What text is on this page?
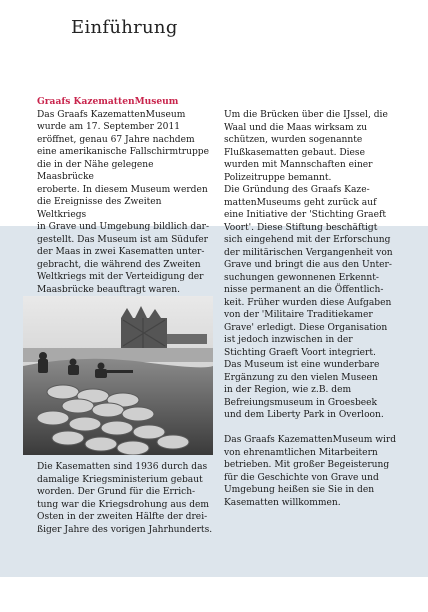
Einführung

Graafs KazemattenMuseum

Das Graafs KazemattenMuseum

wurde am 17. September 2011

eröffnet, genau 67 Jahre nachdem

eine amerikanische Fallschirmtruppe

die in der Nähe gelegene Maasbrücke

eroberte. In diesem Museum werden

die Ereignisse des Zweiten Weltkriegs

in Grave und Umgebung bildlich dar-

gestellt. Das Museum ist am Südufer

der Maas in zwei Kasematten unter-

gebracht, die während des Zweiten

Weltkriegs mit der Verteidigung der

Maasbrücke beauftragt waren.

Die Kasematten sind 1936 durch das

damalige Kriegsministerium gebaut

worden. Der Grund für die Errich-

tung war die Kriegsdrohung aus dem

Osten in der zweiten Hälfte der drei-

ßiger Jahre des vorigen Jahrhunderts.

Um die Brücken über die IJssel, die

Waal und die Maas wirksam zu

schützen, wurden sogenannte

Flußkasematten gebaut. Diese

wurden mit Mannschaften einer

Polizeitruppe bemannt.

Die Gründung des Graafs Kaze-

mattenMuseums geht zurück auf

eine Initiative der 'Stichting Graeft

Voort'. Diese Stiftung beschäftigt

sich eingehend mit der Erforschung

der militärischen Vergangenheit von

Grave und bringt die aus den Unter-

suchungen gewonnenen Erkennt-

nisse permanent an die Öffentlich-

keit. Früher wurden diese Aufgaben

von der 'Militaire Traditiekamer

Grave' erledigt. Diese Organisation

ist jedoch inzwischen in der

Stichting Graeft Voort integriert.

Das Museum ist eine wunderbare

Ergänzung zu den vielen Museen

in der Region, wie z.B. dem

Befreiungsmuseum in Groesbeek

und dem Liberty Park in Overloon.

Das Graafs KazemattenMuseum wird

von ehrenamtlichen Mitarbeitern

betrieben. Mit großer Begeisterung

für die Geschichte von Grave und

Umgebung heißen sie Sie in den

Kasematten willkommen.
